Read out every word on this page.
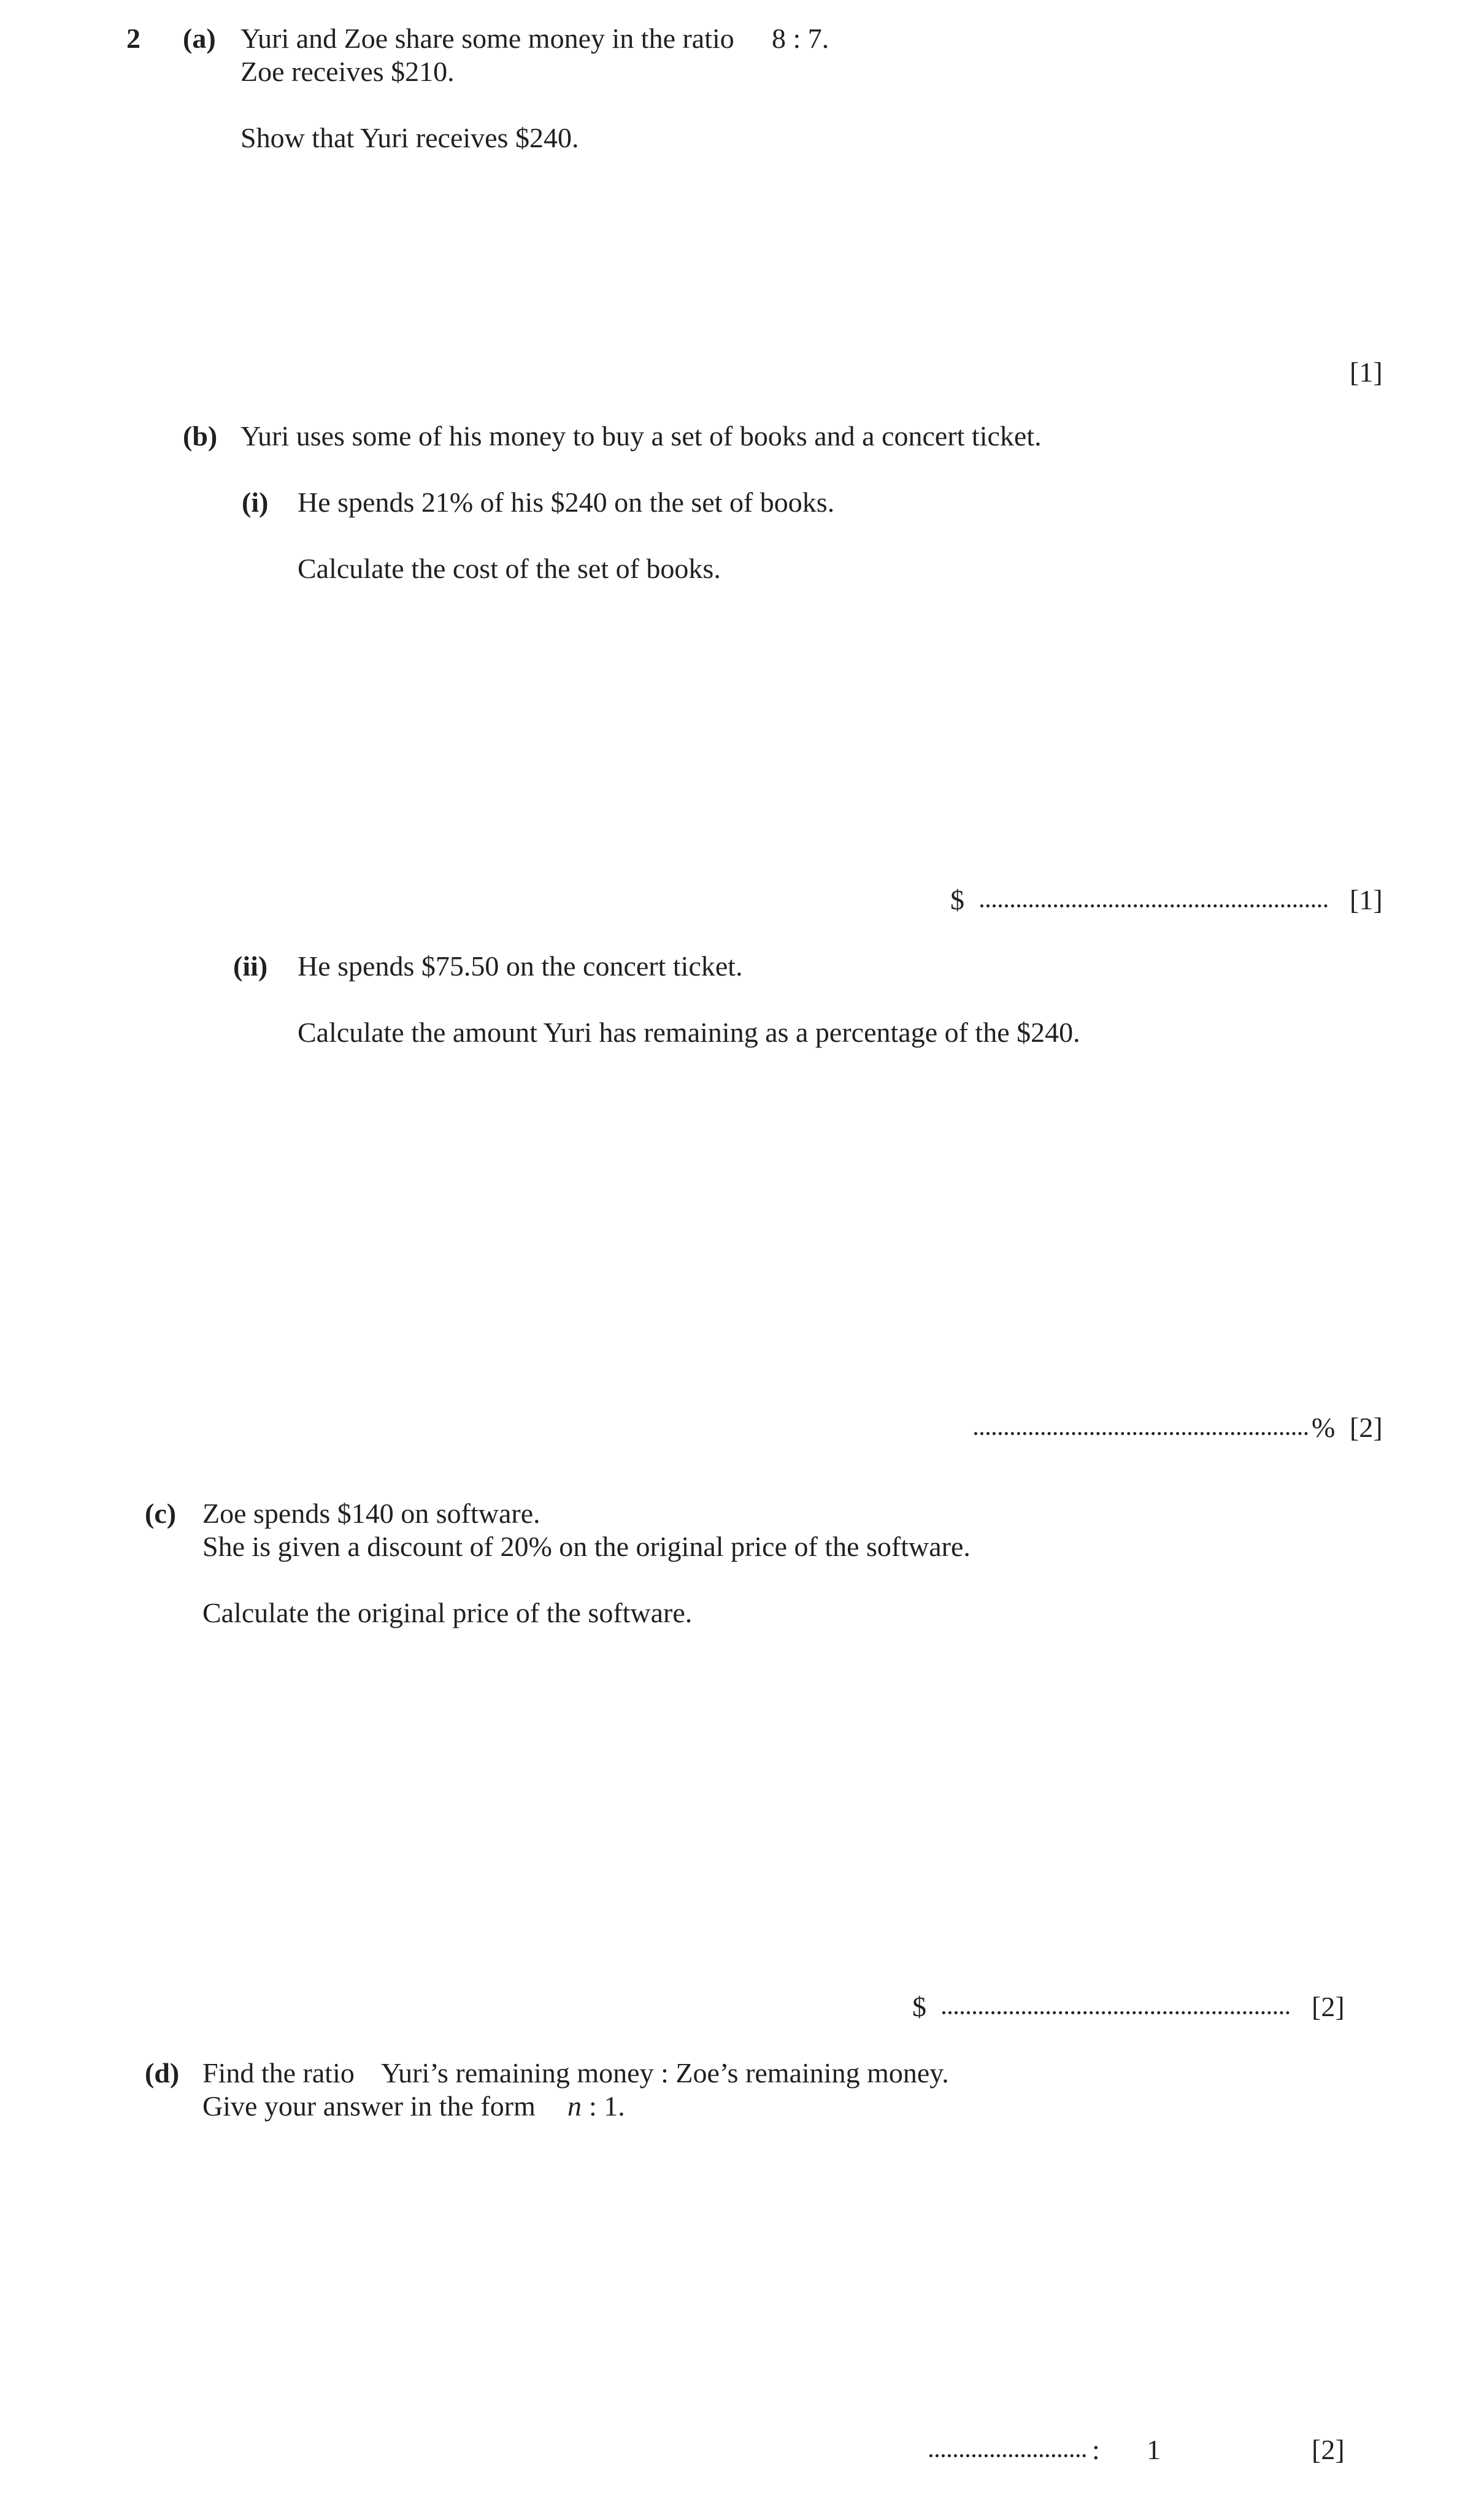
2 (a) Yuri and Zoe share some money in the ratio 8 : 7.
Zoe receives $210.
Show that Yuri receives $240.
[1]
(b) Yuri uses some of his money to buy a set of books and a concert ticket.
(i) He spends 21% of his $240 on the set of books.
Calculate the cost of the set of books.
$	[1]
(ii) He spends $75.50 on the concert ticket.
Calculate the amount Yuri has remaining as a percentage of the $240.
% [2]
(c) Zoe spends $140 on software.
She is given a discount of 20% on the original price of the software.
Calculate the original price of the software.
$	[2]
(d) Find the ratio Yuri’s remaining money : Zoe’s remaining money.
Give your answer in the form n : 1.
: 1	[2]
